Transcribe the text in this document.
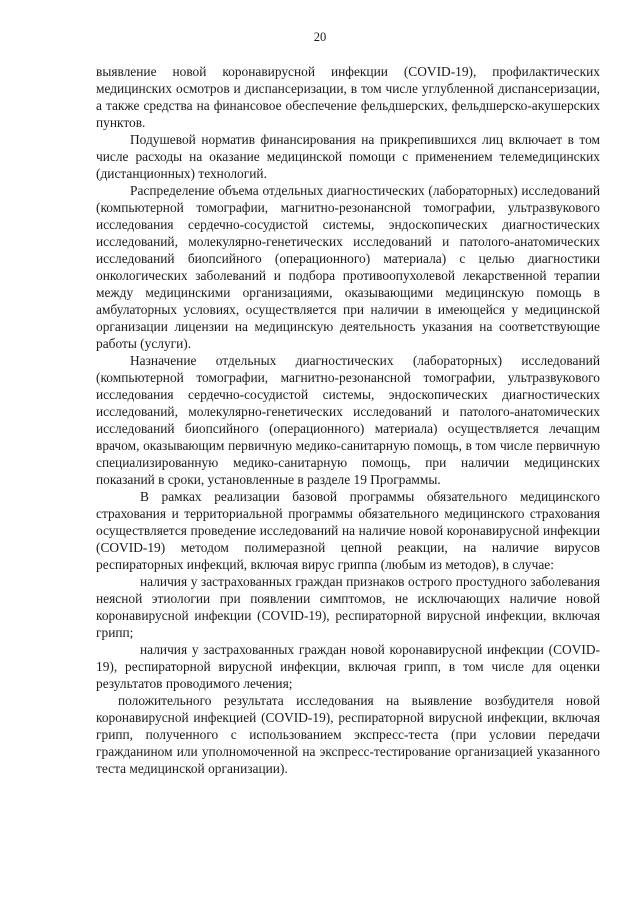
20

выявление новой коронавирусной инфекции (COVID-19), профилактических медицинских осмотров и диспансеризации, в том числе углубленной диспансеризации, а также средства на финансовое обеспечение фельдшерских, фельдшерско-акушерских пунктов.

Подушевой норматив финансирования на прикрепившихся лиц включает в том числе расходы на оказание медицинской помощи с применением телемедицинских (дистанционных) технологий.

Распределение объема отдельных диагностических (лабораторных) исследований (компьютерной томографии, магнитно-резонансной томографии, ультразвукового исследования сердечно-сосудистой системы, эндоскопических диагностических исследований, молекулярно-генетических исследований и патолого-анатомических исследований биопсийного (операционного) материала) с целью диагностики онкологических заболеваний и подбора противоопухолевой лекарственной терапии между медицинскими организациями, оказывающими медицинскую помощь в амбулаторных условиях, осуществляется при наличии в имеющейся у медицинской организации лицензии на медицинскую деятельность указания на соответствующие работы (услуги).

Назначение отдельных диагностических (лабораторных) исследований (компьютерной томографии, магнитно-резонансной томографии, ультразвукового исследования сердечно-сосудистой системы, эндоскопических диагностических исследований, молекулярно-генетических исследований и патолого-анатомических исследований биопсийного (операционного) материала) осуществляется лечащим врачом, оказывающим первичную медико-санитарную помощь, в том числе первичную специализированную медико-санитарную помощь, при наличии медицинских показаний в сроки, установленные в разделе 19 Программы.

В рамках реализации базовой программы обязательного медицинского страхования и территориальной программы обязательного медицинского страхования осуществляется проведение исследований на наличие новой коронавирусной инфекции (COVID-19) методом полимеразной цепной реакции, на наличие вирусов респираторных инфекций, включая вирус гриппа (любым из методов), в случае:

наличия у застрахованных граждан признаков острого простудного заболевания неясной этиологии при появлении симптомов, не исключающих наличие новой коронавирусной инфекции (COVID-19), респираторной вирусной инфекции, включая грипп;

наличия у застрахованных граждан новой коронавирусной инфекции (COVID-19), респираторной вирусной инфекции, включая грипп, в том числе для оценки результатов проводимого лечения;

положительного результата исследования на выявление возбудителя новой коронавирусной инфекцией (COVID-19), респираторной вирусной инфекции, включая грипп, полученного с использованием экспресс-теста (при условии передачи гражданином или уполномоченной на экспресс-тестирование организацией указанного теста медицинской организации).
